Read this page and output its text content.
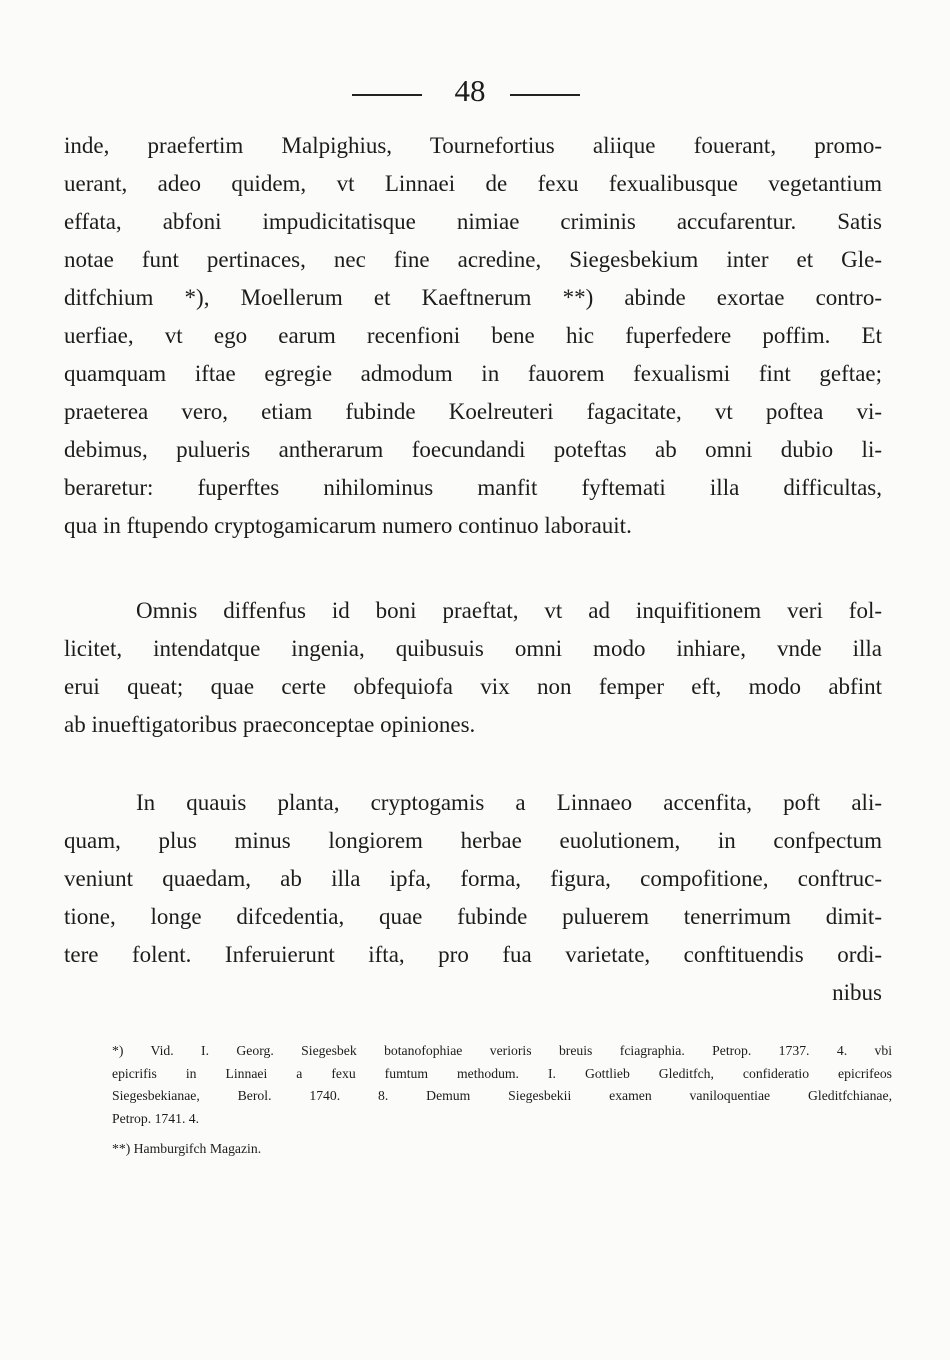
48
inde, praefertim Malpighius, Tournefortius aliique fouerant, promo-
uerant, adeo quidem, vt Linnaei de fexu fexualibusque vegetantium
effata, abfoni impudicitatisque nimiae criminis accufarentur. Satis
notae funt pertinaces, nec fine acredine, Siegesbekium inter et Gle-
ditfchium *), Moellerum et Kaeftnerum **) abinde exortae contro-
uerfiae, vt ego earum recenfioni bene hic fuperfedere poffim. Et
quamquam iftae egregie admodum in fauorem fexualismi fint geftae;
praeterea vero, etiam fubinde Koelreuteri fagacitate, vt poftea vi-
debimus, pulueris antherarum foecundandi poteftas ab omni dubio li-
beraretur: fuperftes nihilominus manfit fyftemati illa difficultas,
qua in ftupendo cryptogamicarum numero continuo laborauit.
Omnis diffenfus id boni praeftat, vt ad inquifitionem veri fol-
licitet, intendatque ingenia, quibusuis omni modo inhiare, vnde illa
erui queat; quae certe obfequiofa vix non femper eft, modo abfint
ab inueftigatoribus praeconceptae opiniones.
In quauis planta, cryptogamis a Linnaeo accenfita, poft ali-
quam, plus minus longiorem herbae euolutionem, in confpectum
veniunt quaedam, ab illa ipfa, forma, figura, compofitione, conftruc-
tione, longe difcedentia, quae fubinde puluerem tenerrimum dimit-
tere folent. Inferuierunt ifta, pro fua varietate, conftituendis ordi-
nibus
*) Vid. I. Georg. Siegesbek botanofophiae verioris breuis fciagraphia. Petrop. 1737. 4. vbi
epicrifis in Linnaei a fexu fumtum methodum. I. Gottlieb Gleditfch, confideratio epicrifeos
Siegesbekianae, Berol. 1740. 8. Demum Siegesbekii examen vaniloquentiae Gleditfchianae,
Petrop. 1741. 4.
**) Hamburgifch Magazin.
